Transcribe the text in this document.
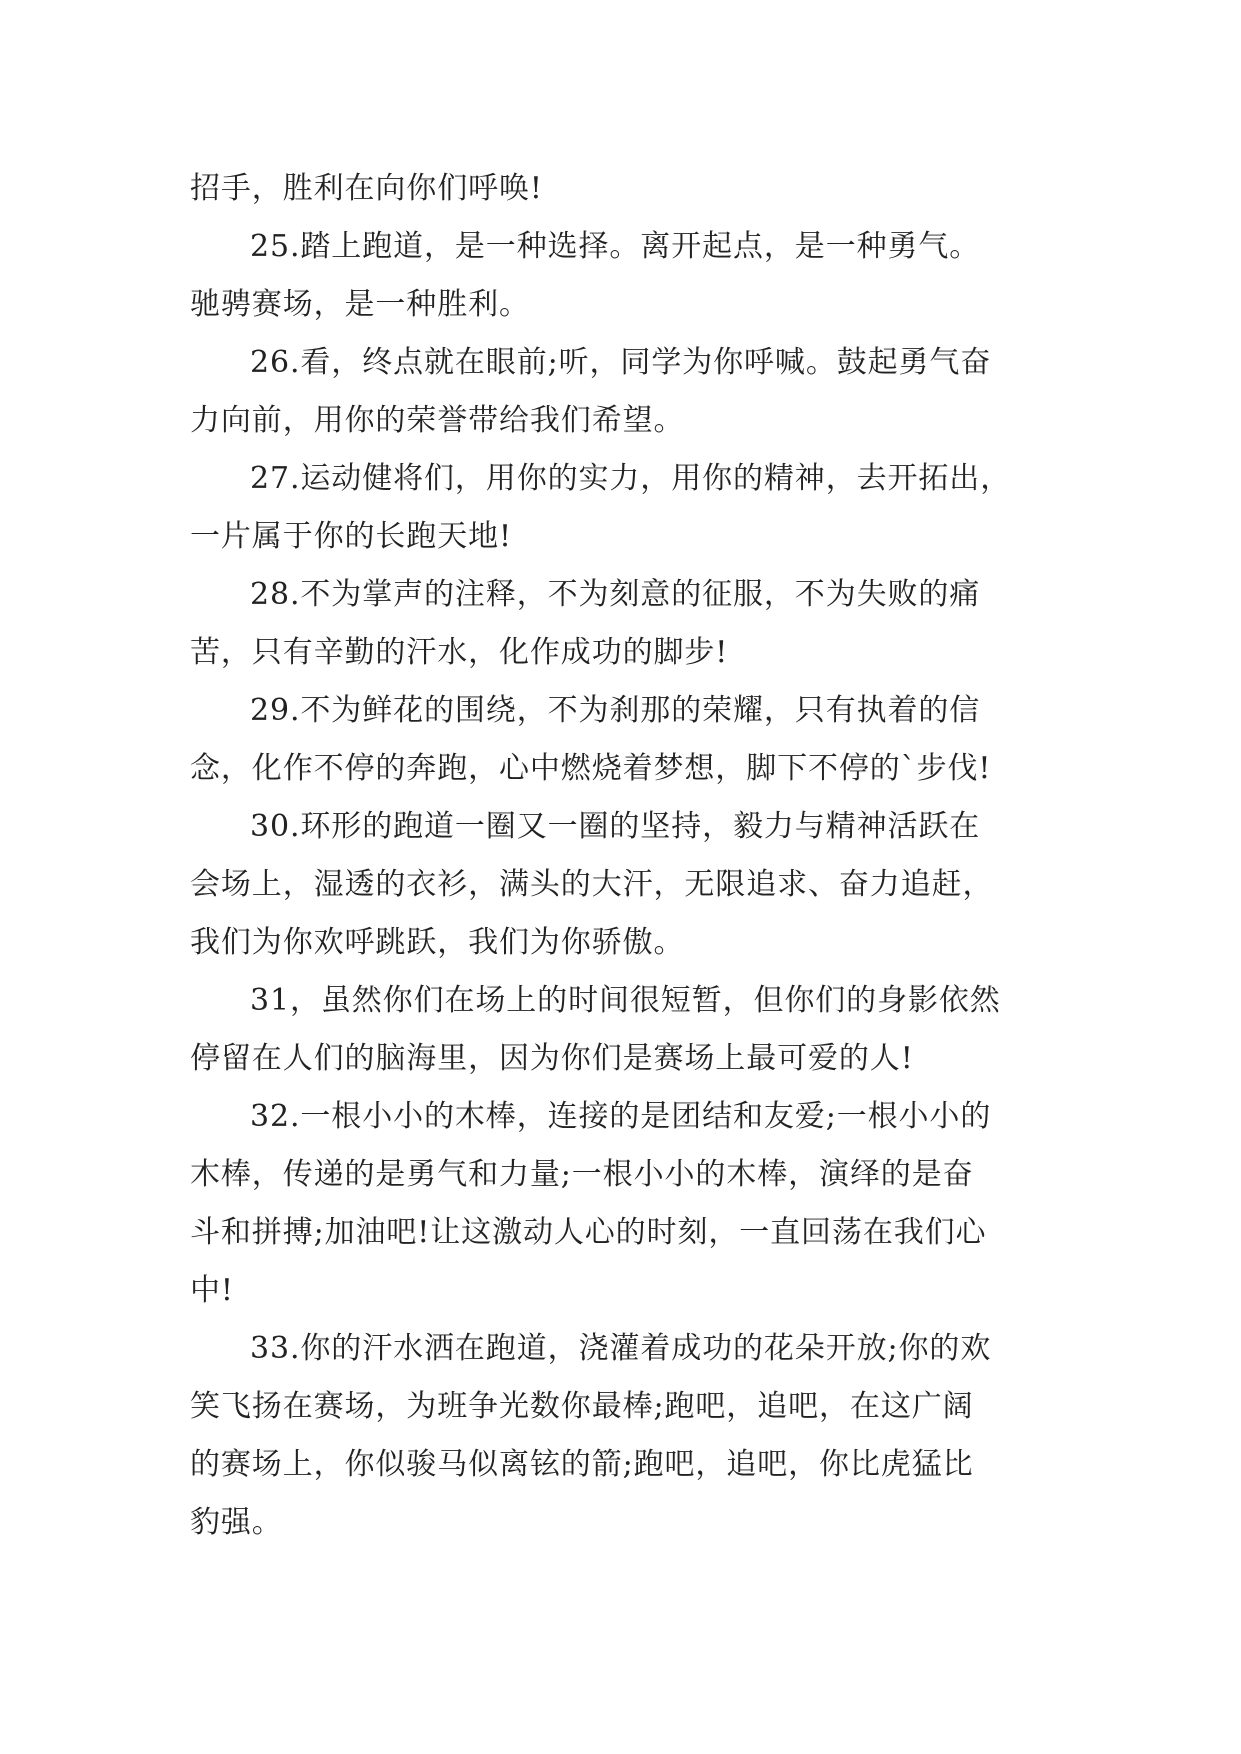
招手，胜利在向你们呼唤!
25.踏上跑道，是一种选择。离开起点，是一种勇气。
驰骋赛场，是一种胜利。
26.看，终点就在眼前;听，同学为你呼喊。鼓起勇气奋
力向前，用你的荣誉带给我们希望。
27.运动健将们，用你的实力，用你的精神，去开拓出，
一片属于你的长跑天地!
28.不为掌声的注释，不为刻意的征服，不为失败的痛
苦，只有辛勤的汗水，化作成功的脚步!
29.不为鲜花的围绕，不为刹那的荣耀，只有执着的信
念，化作不停的奔跑，心中燃烧着梦想，脚下不停的`步伐!
30.环形的跑道一圈又一圈的坚持，毅力与精神活跃在
会场上，湿透的衣衫，满头的大汗，无限追求、奋力追赶，
我们为你欢呼跳跃，我们为你骄傲。
31，虽然你们在场上的时间很短暂，但你们的身影依然
停留在人们的脑海里，因为你们是赛场上最可爱的人!
32.一根小小的木棒，连接的是团结和友爱;一根小小的
木棒，传递的是勇气和力量;一根小小的木棒，演绎的是奋
斗和拼搏;加油吧!让这激动人心的时刻，一直回荡在我们心
中!
33.你的汗水洒在跑道，浇灌着成功的花朵开放;你的欢
笑飞扬在赛场，为班争光数你最棒;跑吧，追吧，在这广阔
的赛场上，你似骏马似离铉的箭;跑吧，追吧，你比虎猛比
豹强。
